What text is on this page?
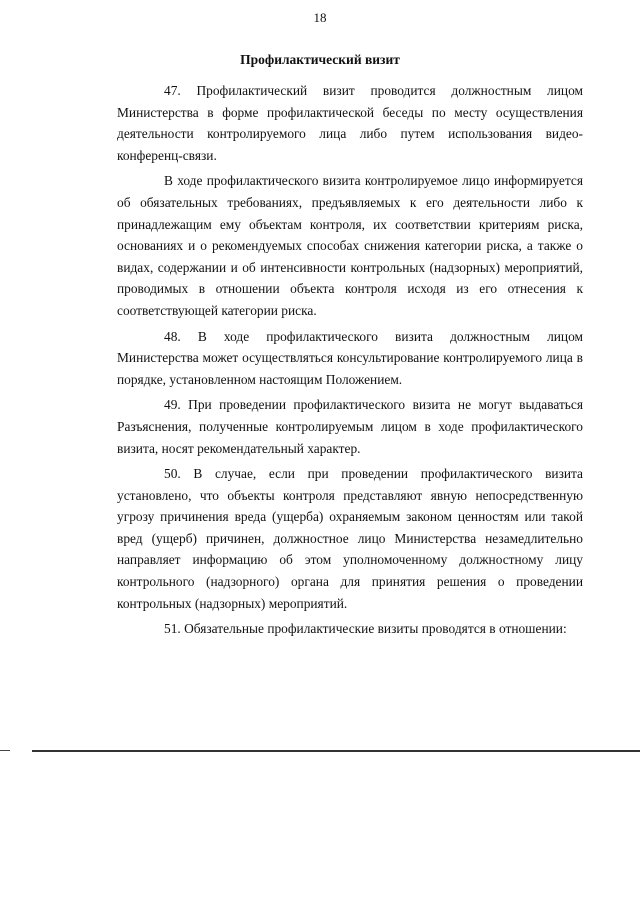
18
Профилактический визит

47. Профилактический визит проводится должностным лицом Министерства в форме профилактической беседы по месту осуществления деятельности контролируемого лица либо путем использования видео-конференц-связи.

В ходе профилактического визита контролируемое лицо информируется об обязательных требованиях, предъявляемых к его деятельности либо к принадлежащим ему объектам контроля, их соответствии критериям риска, основаниях и о рекомендуемых способах снижения категории риска, а также о видах, содержании и об интенсивности контрольных (надзорных) мероприятий, проводимых в отношении объекта контроля исходя из его отнесения к соответствующей категории риска.

48. В ходе профилактического визита должностным лицом Министерства может осуществляться консультирование контролируемого лица в порядке, установленном настоящим Положением.

49. При проведении профилактического визита не могут выдаваться Разъяснения, полученные контролируемым лицом в ходе профилактического визита, носят рекомендательный характер.

50. В случае, если при проведении профилактического визита установлено, что объекты контроля представляют явную непосредственную угрозу причинения вреда (ущерба) охраняемым законом ценностям или такой вред (ущерб) причинен, должностное лицо Министерства незамедлительно направляет информацию об этом уполномоченному должностному лицу контрольного (надзорного) органа для принятия решения о проведении контрольных (надзорных) мероприятий.

51. Обязательные профилактические визиты проводятся в отношении:
